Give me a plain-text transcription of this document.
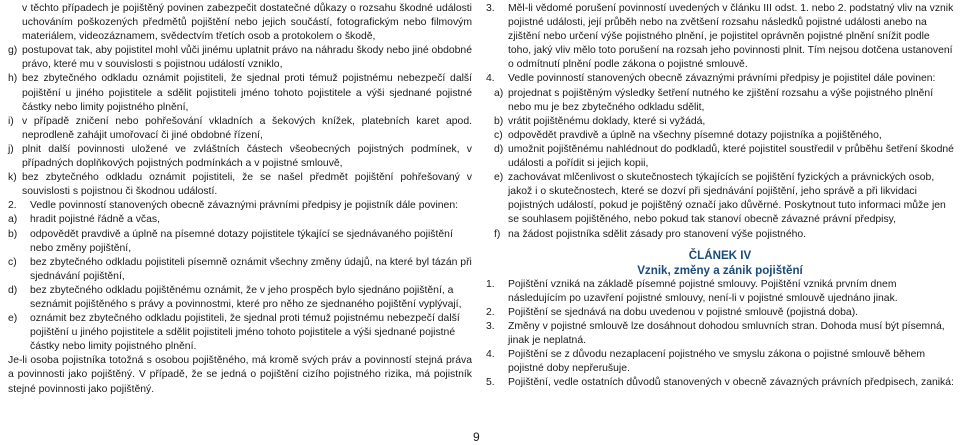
v těchto případech je pojištěný povinen zabezpečit dostatečné důkazy o rozsahu škodné události uchováním poškozených předmětů pojištění nebo jejich součástí, fotografickým nebo filmovým materiálem, videozáznamem, svědectvím třetích osob a protokolem o škodě,

g) postupovat tak, aby pojistitel mohl vůči jinému uplatnit právo na náhradu škody nebo jiné obdobné právo, které mu v souvislosti s pojistnou událostí vzniklo,
h) bez zbytečného odkladu oznámit pojistiteli, že sjednal proti témuž pojistnému nebezpečí další pojištění u jiného pojistitele a sdělit pojistiteli jméno tohoto pojistitele a výši sjednané pojistné částky nebo limity pojistného plnění,
i) v případě zničení nebo pohřešování vkladních a šekových knížek, platebních karet apod. neprodleně zahájit umořovací či jiné obdobné řízení,
j) plnit další povinnosti uložené ve zvláštních částech všeobecných pojistných podmínek, v případných doplňkových pojistných podmínkách a v pojistné smlouvě,
k) bez zbytečného odkladu oznámit pojistiteli, že se našel předmět pojištění pohřešovaný v souvislosti s pojistnou či škodnou událostí.
2. Vedle povinností stanovených obecně závaznými právními předpisy je pojistník dále povinen:
a) hradit pojistné řádně a včas,
b) odpovědět pravdivě a úplně na písemné dotazy pojistitele týkající se sjednávaného pojištění nebo změny pojištění,
c) bez zbytečného odkladu pojistiteli písemně oznámit všechny změny údajů, na které byl tázán při sjednávání pojištění,
d) bez zbytečného odkladu pojištěnému oznámit, že v jeho prospěch bylo sjednáno pojištění, a seznámit pojištěného s právy a povinnostmi, které pro něho ze sjednaného pojištění vyplývají,
e) oznámit bez zbytečného odkladu pojistiteli, že sjednal proti témuž pojistnému nebezpečí další pojištění u jiného pojistitele a sdělit pojistiteli jméno tohoto pojistitele a výši sjednané pojistné částky nebo limity pojistného plnění.

Je-li osoba pojistníka totožná s osobou pojištěného, má kromě svých práv a povinností stejná práva a povinnosti jako pojištěný. V případě, že se jedná o pojištění cizího pojistného rizika, má pojistník stejné povinnosti jako pojištěný.

3. Měl-li vědomé porušení povinností uvedených v článku III odst. 1. nebo 2. podstatný vliv na vznik pojistné události, její průběh nebo na zvětšení rozsahu následků pojistné události anebo na zjištění nebo určení výše pojistného plnění, je pojistitel oprávněn pojistné plnění snížit podle toho, jaký vliv mělo toto porušení na rozsah jeho povinnosti plnit. Tím nejsou dotčena ustanovení o odmítnutí plnění podle zákona o pojistné smlouvě.
4. Vedle povinností stanovených obecně závaznými právními předpisy je pojistitel dále povinen:
a) projednat s pojištěným výsledky šetření nutného ke zjištění rozsahu a výše pojistného plnění nebo mu je bez zbytečného odkladu sdělit,
b) vrátit pojištěnému doklady, které si vyžádá,
c) odpovědět pravdivě a úplně na všechny písemné dotazy pojistníka a pojištěného,
d) umožnit pojištěnému nahlédnout do podkladů, které pojistitel soustředil v průběhu šetření škodné události a pořídit si jejich kopii,
e) zachovávat mlčenlivost o skutečnostech týkajících se pojištění fyzických a právnických osob, jakož i o skutečnostech, které se dozví při sjednávání pojištění, jeho správě a při likvidaci pojistných událostí, pokud je pojištěný označí jako důvěrné. Poskytnout tuto informaci může jen se souhlasem pojištěného, nebo pokud tak stanoví obecně závazné právní předpisy,
f) na žádost pojistníka sdělit zásady pro stanovení výše pojistného.
ČLÁNEK IV
Vznik, změny a zánik pojištění
1. Pojištění vzniká na základě písemné pojistné smlouvy. Pojištění vzniká prvním dnem následujícím po uzavření pojistné smlouvy, není-li v pojistné smlouvě ujednáno jinak.
2. Pojištění se sjednává na dobu uvedenou v pojistné smlouvě (pojistná doba).
3. Změny v pojistné smlouvě lze dosáhnout dohodou smluvních stran. Dohoda musí být písemná, jinak je neplatná.
4. Pojištění se z důvodu nezaplacení pojistného ve smyslu zákona o pojistné smlouvě během pojistné doby nepřerušuje.
5. Pojištění, vedle ostatních důvodů stanovených v obecně závazných právních předpisech, zaniká:
9
